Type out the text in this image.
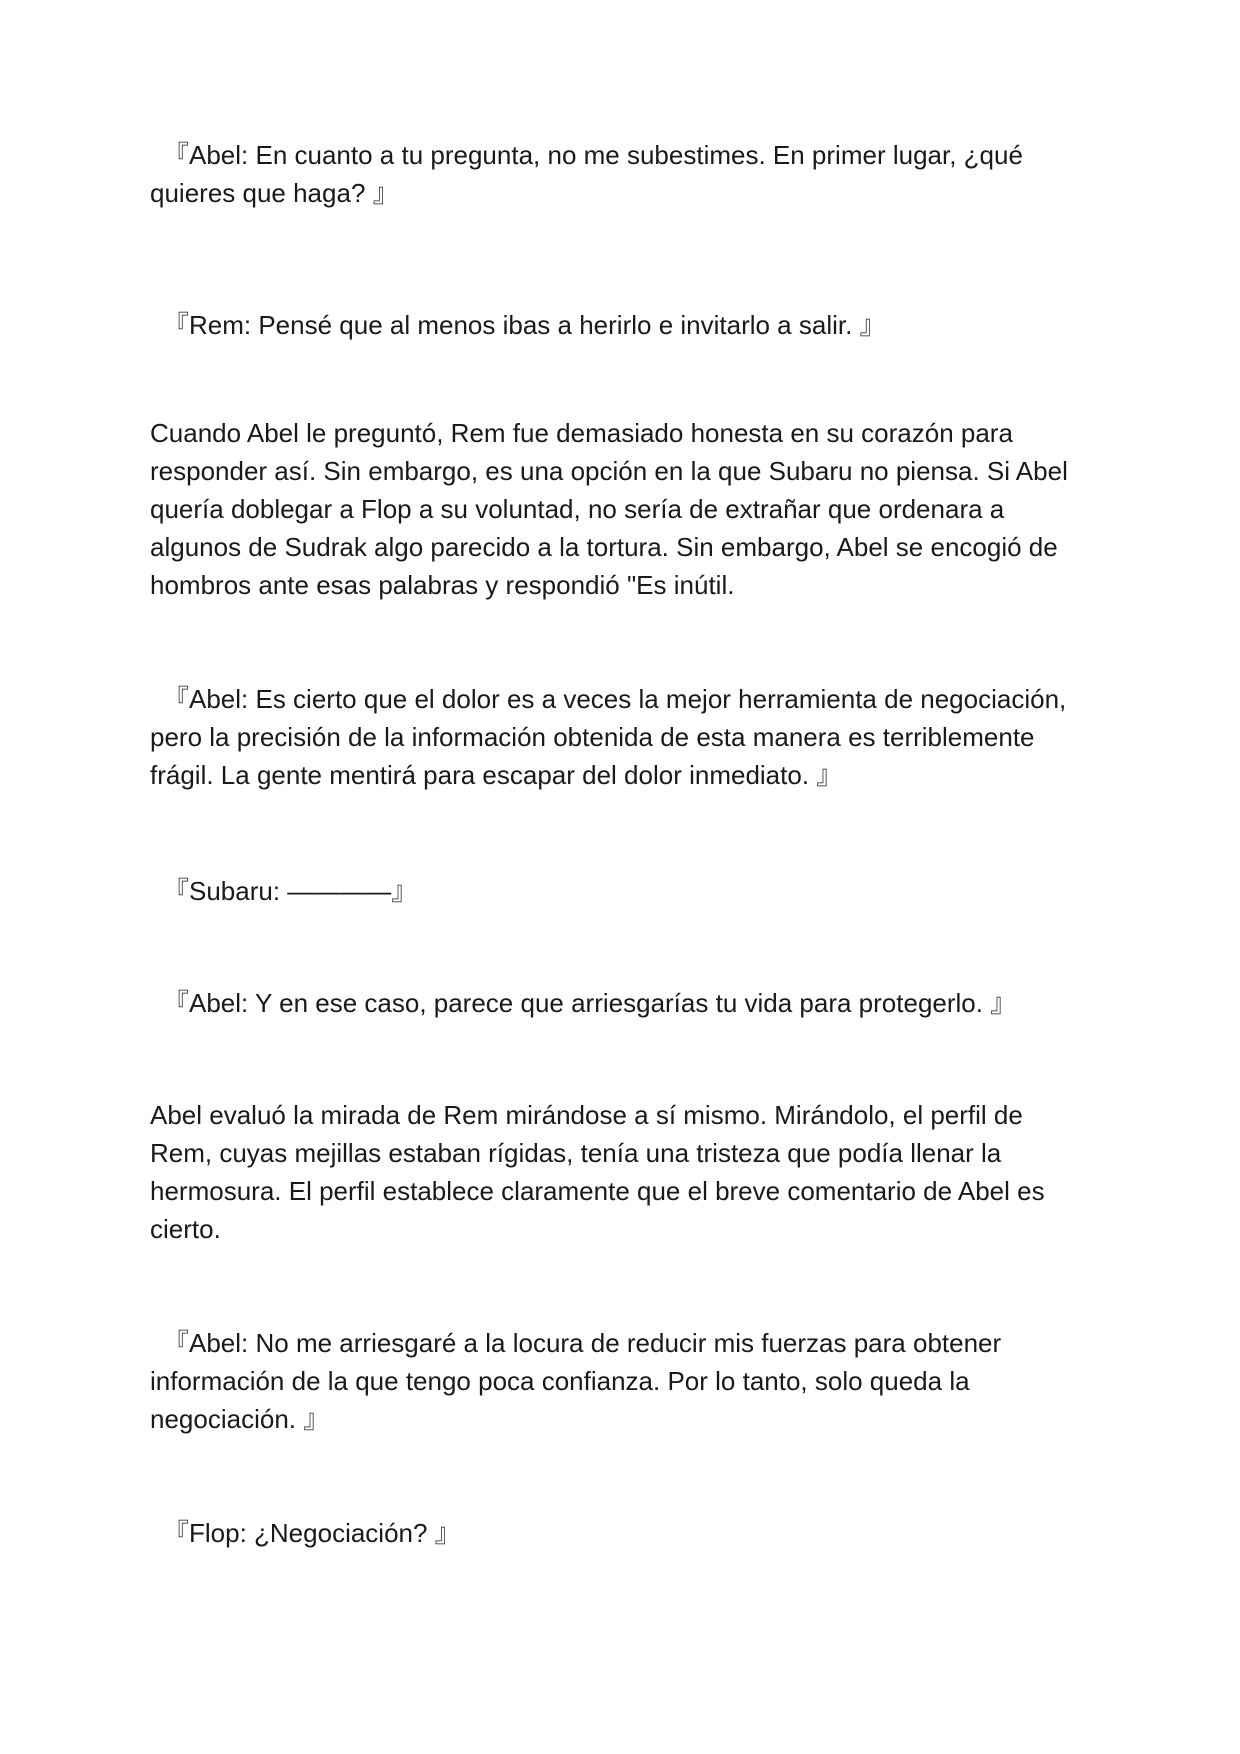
　『Abel: En cuanto a tu pregunta, no me subestimes. En primer lugar, ¿qué quieres que haga? 』

　『Rem: Pensé que al menos ibas a herirlo e invitarlo a salir. 』

Cuando Abel le preguntó, Rem fue demasiado honesta en su corazón para responder así. Sin embargo, es una opción en la que Subaru no piensa. Si Abel quería doblegar a Flop a su voluntad, no sería de extrañar que ordenara a algunos de Sudrak algo parecido a la tortura. Sin embargo, Abel se encogió de hombros ante esas palabras y respondió "Es inútil.

　『Abel: Es cierto que el dolor es a veces la mejor herramienta de negociación, pero la precisión de la información obtenida de esta manera es terriblemente frágil. La gente mentirá para escapar del dolor inmediato. 』

　『Subaru: ————』

　『Abel: Y en ese caso, parece que arriesgarías tu vida para protegerlo. 』

Abel evaluó la mirada de Rem mirándose a sí mismo. Mirándolo, el perfil de Rem, cuyas mejillas estaban rígidas, tenía una tristeza que podía llenar la hermosura. El perfil establece claramente que el breve comentario de Abel es cierto.

　『Abel: No me arriesgaré a la locura de reducir mis fuerzas para obtener información de la que tengo poca confianza. Por lo tanto, solo queda la negociación. 』

　『Flop: ¿Negociación? 』
